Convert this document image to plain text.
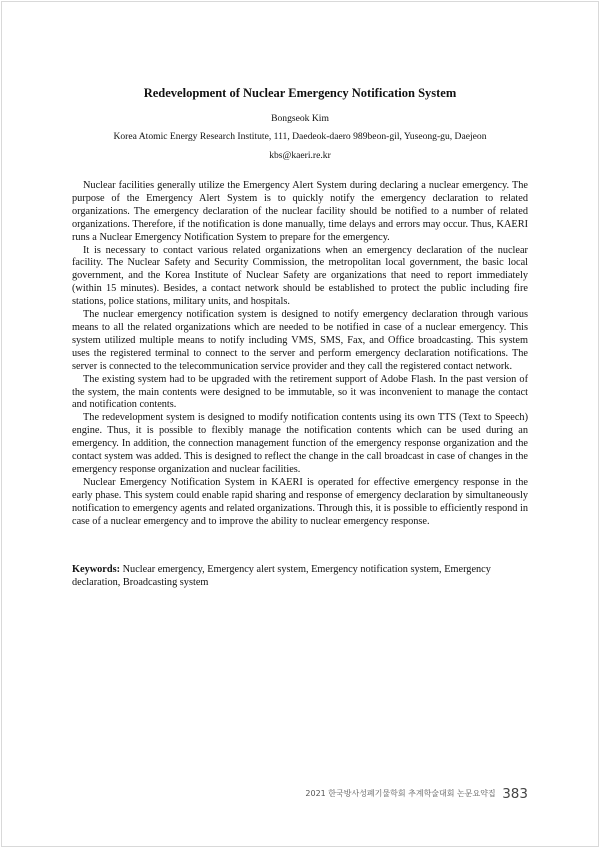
Redevelopment of Nuclear Emergency Notification System
Bongseok Kim
Korea Atomic Energy Research Institute, 111, Daedeok-daero 989beon-gil, Yuseong-gu, Daejeon
kbs@kaeri.re.kr

Nuclear facilities generally utilize the Emergency Alert System during declaring a nuclear emergency. The purpose of the Emergency Alert System is to quickly notify the emergency declaration to related organizations. The emergency declaration of the nuclear facility should be notified to a number of related organizations. Therefore, if the notification is done manually, time delays and errors may occur. Thus, KAERI runs a Nuclear Emergency Notification System to prepare for the emergency.

It is necessary to contact various related organizations when an emergency declaration of the nuclear facility. The Nuclear Safety and Security Commission, the metropolitan local government, the basic local government, and the Korea Institute of Nuclear Safety are organizations that need to report immediately (within 15 minutes). Besides, a contact network should be established to protect the public including fire stations, police stations, military units, and hospitals.

The nuclear emergency notification system is designed to notify emergency declaration through various means to all the related organizations which are needed to be notified in case of a nuclear emergency. This system utilized multiple means to notify including VMS, SMS, Fax, and Office broadcasting. This system uses the registered terminal to connect to the server and perform emergency declaration notifications. The server is connected to the telecommunication service provider and they call the registered contact network.

The existing system had to be upgraded with the retirement support of Adobe Flash. In the past version of the system, the main contents were designed to be immutable, so it was inconvenient to manage the contact and notification contents.

The redevelopment system is designed to modify notification contents using its own TTS (Text to Speech) engine. Thus, it is possible to flexibly manage the notification contents which can be used during an emergency. In addition, the connection management function of the emergency response organization and the contact system was added. This is designed to reflect the change in the call broadcast in case of changes in the emergency response organization and nuclear facilities.

Nuclear Emergency Notification System in KAERI is operated for effective emergency response in the early phase. This system could enable rapid sharing and response of emergency declaration by simultaneously notification to emergency agents and related organizations. Through this, it is possible to efficiently respond in case of a nuclear emergency and to improve the ability to nuclear emergency response.

Keywords: Nuclear emergency, Emergency alert system, Emergency notification system, Emergency declaration, Broadcasting system
2021 한국방사성폐기물학회 추계학술대회 논문요약집 383
